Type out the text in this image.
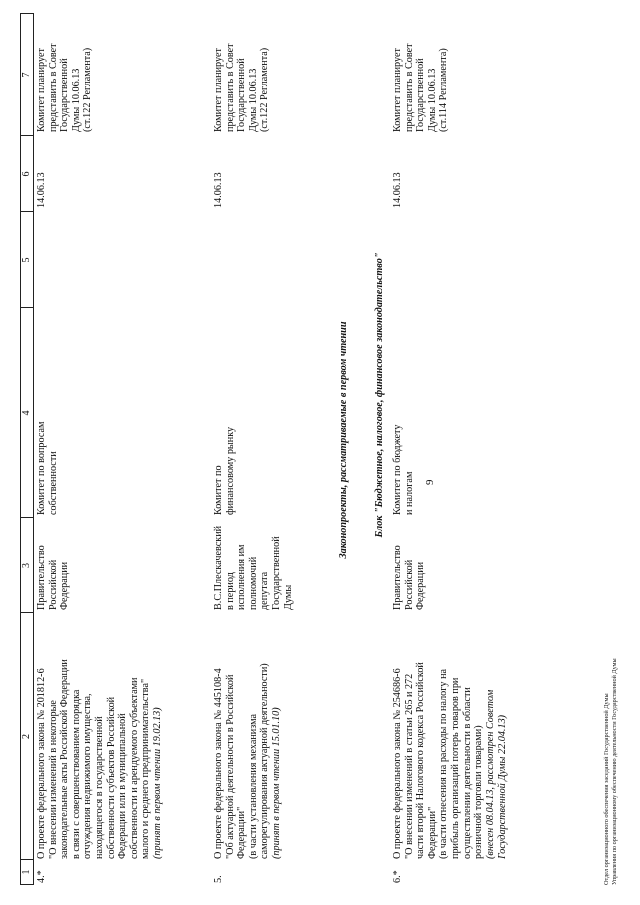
9
1
2
3
4
5
6
7
4.*
О проекте федерального закона № 201812-6
"О внесении изменений в некоторые
законодательные акты Российской Федерации
в связи с совершенствованием порядка
отчуждения недвижимого имущества,
находящегося в государственной
собственности субъектов Российской
Федерации или в муниципальной
собственности и арендуемого субъектами
малого и среднего предпринимательства" (принят в первом чтении 19.02.13)
Правительство
Российской
Федерации
Комитет по вопросам
собственности
14.06.13
Комитет планирует
представить в Совет
Государственной
Думы 10.06.13
(ст.122 Регламента)
5.
О проекте федерального закона № 445108-4
"Об актуарной деятельности в Российской
Федерации"
(в части установления механизма
саморегулирования актуарной деятельности)
(принят в первом чтении 15.01.10)
В.С.Плескачевский
в период
исполнения им
полномочий
депутата
Государственной
Думы
Комитет по
финансовому рынку
14.06.13
Комитет планирует
представить в Совет
Государственной
Думы 10.06.13
(ст.122 Регламента)
Законопроекты, рассматриваемые в первом чтении Блок "Бюджетное, налоговое, финансовое законодательство"
6.*
О проекте федерального закона № 254686-6
"О внесении изменений в статьи 265 и 272
части второй Налогового кодекса Российской
Федерации"
(в части отнесения на расходы по налогу на
прибыль организаций потерь товаров при
осуществлении деятельности в области
розничной торговли товарами)
(внесен 08.04.13, рассмотрен Советом
Государственной Думы 22.04.13)
Правительство
Российской
Федерации
Комитет по бюджету
и налогам
14.06.13
Комитет планирует
представить в Совет
Государственной
Думы 10.06.13
(ст.114 Регламента)
Отдел организационного обеспечения заседаний Государственной Думы
Управления по организационному обеспечению деятельности Государственной Думы
